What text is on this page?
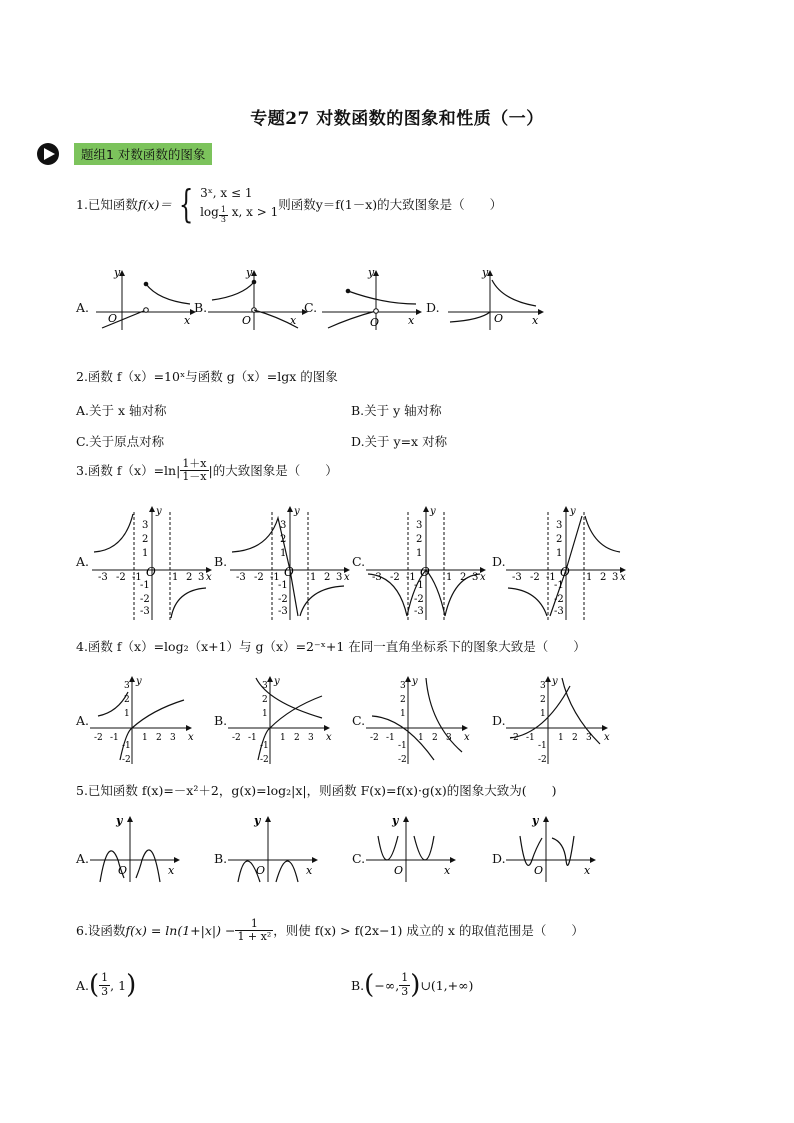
专题27 对数函数的图象和性质（一）
题组1 对数函数的图象
1.已知函数 f(x)＝ { 3ˣ, x ≤ 1
$\log \frac{1}{3} x$, x > 1
则函数y＝f(1－x)的大致图象是（　　）
A.
y
O	x
B.
y
O	x
C.
y
O	x
D.
y
O	x
2.函数 f（x）=10ˣ与函数 g（x）=lgx 的图象
A.关于 x 轴对称	B.关于 y 轴对称
C.关于原点对称	D.关于 y=x 对称
3.函数 $f(x)=\ln| \frac{1+x}{1-x}$ |的大致图象是（　　）
A.
y
x
O
-3 -2 -1	1 2 3
3
2
1
-1
-2
-3
B.
y
x
O
-3 -2 -1	1 2 3
3
2
1
-1
-2
-3
C.
y
x
O
-3 -2 -1	1 2 3
3
2
1
-1
-2
-3
D.
y
x
O
-3 -2 -1	1 2 3
3
2
1
-1
-2
-3
4.函数 f（x）=log₂（x+1）与 g（x）=2⁻ˣ+1 在同一直角坐标系下的图象大致是（　　）
A.
y
x
-2 -1	1 2 3
3
2
1
-1
-2
B.
y
x
-2 -1	1 2 3
3
2
1
-1
-2
C.
y
x
-2 -1	1 2 3
3
2
1
-1
-2
D.
y
x
-2 -1	1 2 3
3
2
1
-1
-2
5.已知函数 f(x)=－x²＋2，g(x)=log₂|x|，则函数 F(x)=f(x)·g(x)的图象大致为(　　)
A.
y
O	x
B.
y
O	x
C.
y
O	x
D.
y
O	x
6.设函数 $f(x) = \ln(1+|x|) - \frac{1}{\text{1 + x²}}$ ，则使 f(x) > f(2x−1) 成立的 x 的取值范围是（　　）
A. ( $\frac{1}{3}$ , 1 )	B. ( −∞, $\frac{1}{3}$ ) ∪(1,+∞)
